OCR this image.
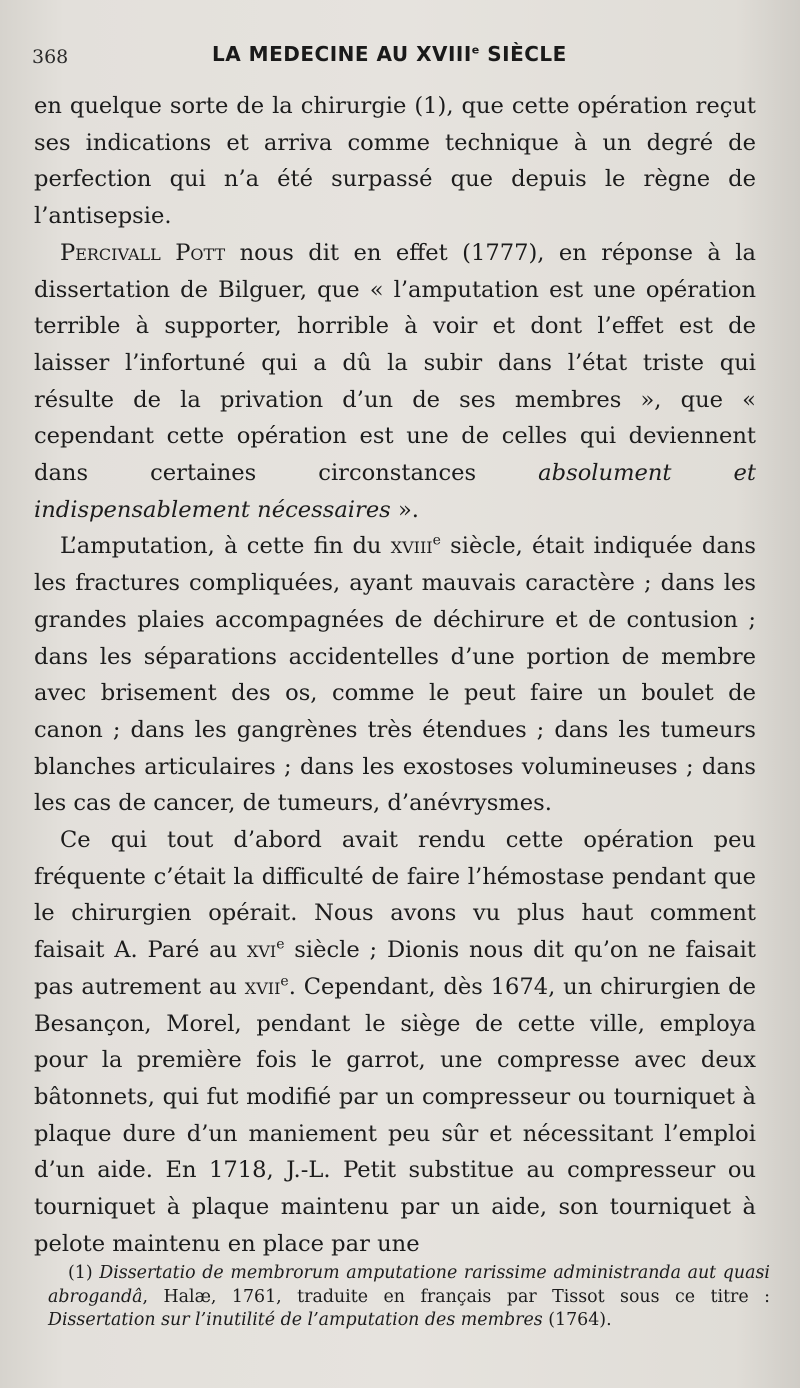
368	LA MEDECINE AU XVIIIe SIÈCLE

en quelque sorte de la chirurgie (1), que cette opération reçut ses indications et arriva comme technique à un degré de perfection qui n’a été surpassé que depuis le règne de l’antisepsie.

Percivall Pott nous dit en effet (1777), en réponse à la dissertation de Bilguer, que « l’amputation est une opération terrible à supporter, horrible à voir et dont l’effet est de laisser l’infortuné qui a dû la subir dans l’état triste qui résulte de la privation d’un de ses membres », que « cependant cette opération est une de celles qui deviennent dans certaines circonstances absolument et indispensablement nécessaires ».

L’amputation, à cette fin du xviii$^e$ siècle, était indiquée dans les fractures compliquées, ayant mauvais caractère ; dans les grandes plaies accompagnées de déchirure et de contusion ; dans les séparations accidentelles d’une portion de membre avec brisement des os, comme le peut faire un boulet de canon ; dans les gangrènes très étendues ; dans les tumeurs blanches articulaires ; dans les exostoses volumineuses ; dans les cas de cancer, de tumeurs, d’anévrysmes.

Ce qui tout d’abord avait rendu cette opération peu fréquente c’était la difficulté de faire l’hémostase pendant que le chirurgien opérait. Nous avons vu plus haut comment faisait A. Paré au xvi$^e$ siècle ; Dionis nous dit qu’on ne faisait pas autrement au xvii$^e$. Cependant, dès 1674, un chirurgien de Besançon, Morel, pendant le siège de cette ville, employa pour la première fois le garrot, une compresse avec deux bâtonnets, qui fut modifié par un compresseur ou tourniquet à plaque dure d’un maniement peu sûr et nécessitant l’emploi d’un aide. En 1718, J.-L. Petit substitue au compresseur ou tourniquet à plaque maintenu par un aide, son tourniquet à pelote maintenu en place par une

(1) Dissertatio de membrorum amputatione rarissime administranda aut quasi abrogandâ, Halæ, 1761, traduite en français par Tissot sous ce titre : Dissertation sur l’inutilité de l’amputation des membres (1764).
